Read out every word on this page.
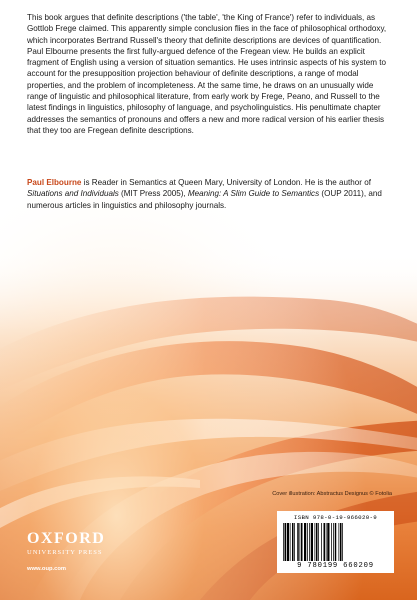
This book argues that definite descriptions ('the table', 'the King of France') refer to individuals, as Gottlob Frege claimed. This apparently simple conclusion flies in the face of philosophical orthodoxy, which incorporates Bertrand Russell's theory that definite descriptions are devices of quantification. Paul Elbourne presents the first fully-argued defence of the Fregean view. He builds an explicit fragment of English using a version of situation semantics. He uses intrinsic aspects of his system to account for the presupposition projection behaviour of definite descriptions, a range of modal properties, and the problem of incompleteness. At the same time, he draws on an unusually wide range of linguistic and philosophical literature, from early work by Frege, Peano, and Russell to the latest findings in linguistics, philosophy of language, and psycholinguistics. His penultimate chapter addresses the semantics of pronouns and offers a new and more radical version of his earlier thesis that they too are Fregean definite descriptions.

Paul Elbourne is Reader in Semantics at Queen Mary, University of London. He is the author of Situations and Individuals (MIT Press 2005), Meaning: A Slim Guide to Semantics (OUP 2011), and numerous articles in linguistics and philosophy journals.

Cover illustration: Abstractus Designus © Fotolia
OXFORD
UNIVERSITY PRESS
www.oup.com
ISBN 978-0-19-966020-9
9 780199 660209
